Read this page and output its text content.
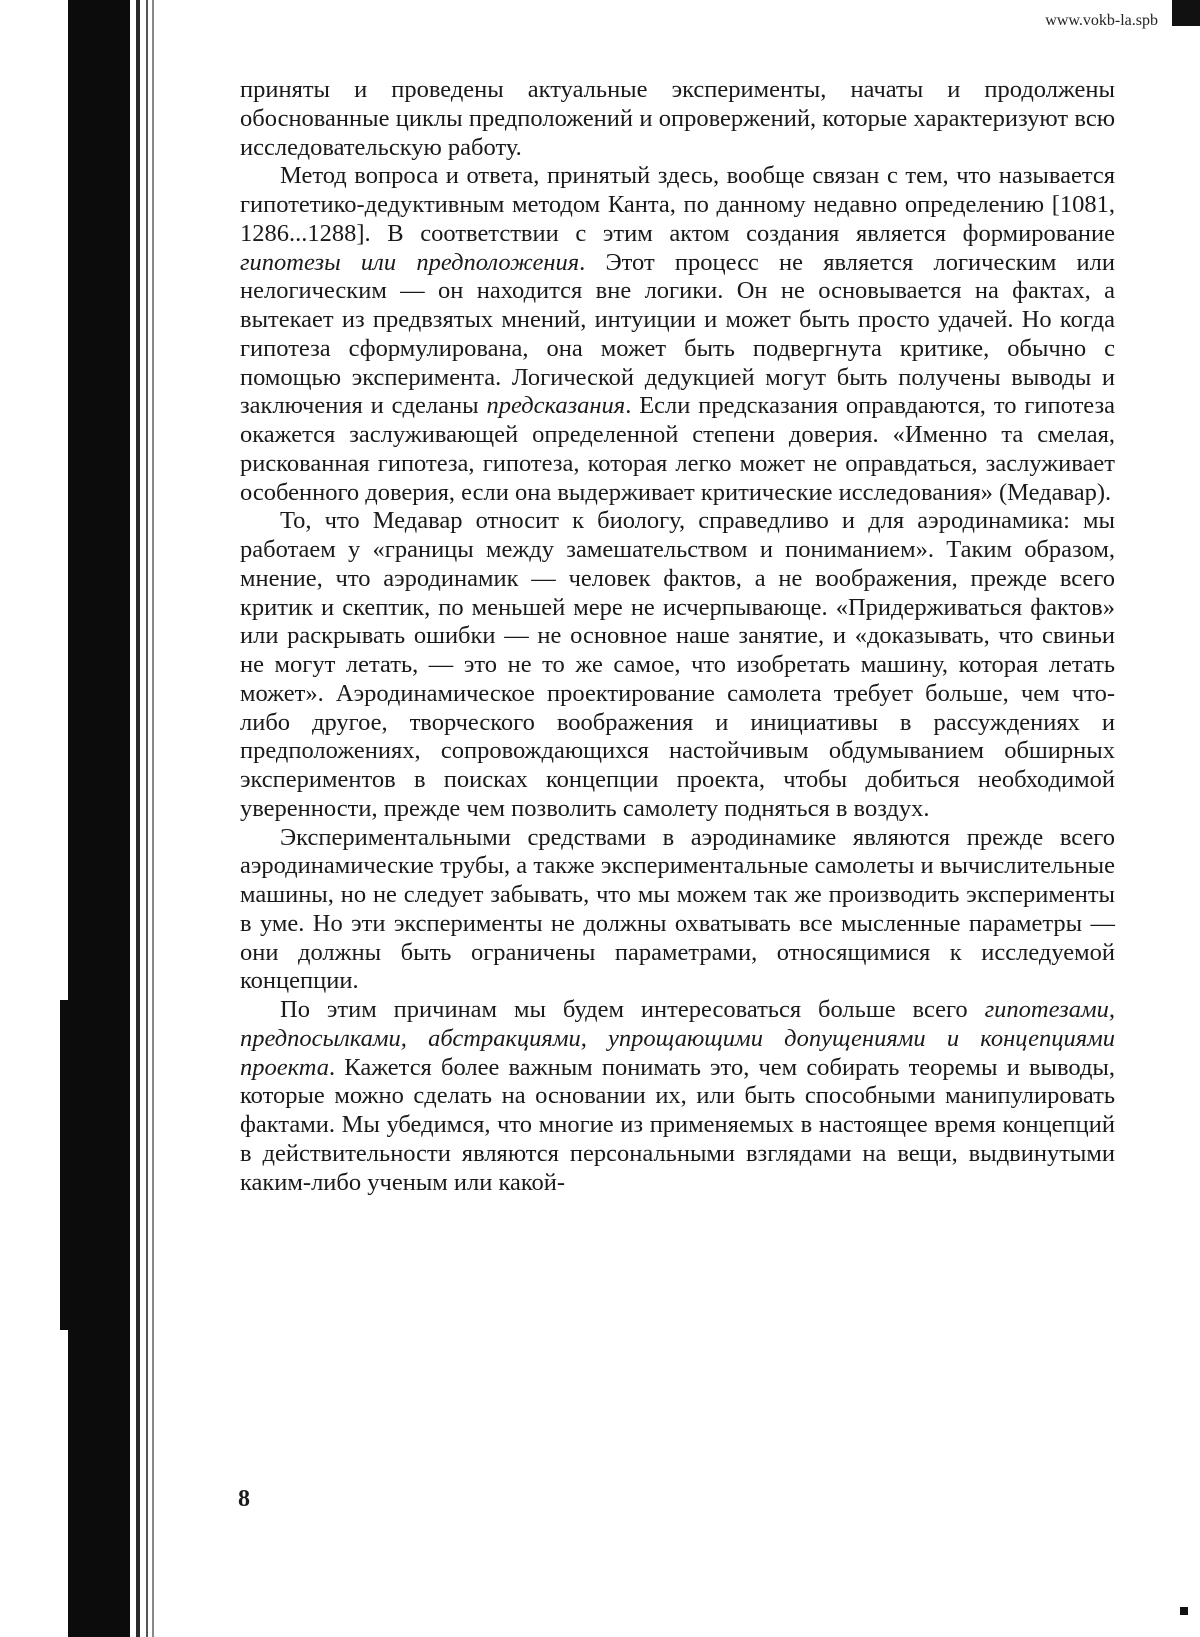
www.vokb-la.spb

приняты и проведены актуальные эксперименты, начаты и продолжены обоснованные циклы предположений и опровержений, которые характеризуют всю исследовательскую работу.

Метод вопроса и ответа, принятый здесь, вообще связан с тем, что называется гипотетико-дедуктивным методом Канта, по данному недавно определению [1081, 1286...1288]. В соответствии с этим актом создания является формирование гипотезы или предположения. Этот процесс не является логическим или нелогическим — он находится вне логики. Он не основывается на фактах, а вытекает из предвзятых мнений, интуиции и может быть просто удачей. Но когда гипотеза сформулирована, она может быть подвергнута критике, обычно с помощью эксперимента. Логической дедукцией могут быть получены выводы и заключения и сделаны предсказания. Если предсказания оправдаются, то гипотеза окажется заслуживающей определенной степени доверия. «Именно та смелая, рискованная гипотеза, гипотеза, которая легко может не оправдаться, заслуживает особенного доверия, если она выдерживает критические исследования» (Медавар).

То, что Медавар относит к биологу, справедливо и для аэродинамика: мы работаем у «границы между замешательством и пониманием». Таким образом, мнение, что аэродинамик — человек фактов, а не воображения, прежде всего критик и скептик, по меньшей мере не исчерпывающе. «Придерживаться фактов» или раскрывать ошибки — не основное наше занятие, и «доказывать, что свиньи не могут летать, — это не то же самое, что изобретать машину, которая летать может». Аэродинамическое проектирование самолета требует больше, чем что-либо другое, творческого воображения и инициативы в рассуждениях и предположениях, сопровождающихся настойчивым обдумыванием обширных экспериментов в поисках концепции проекта, чтобы добиться необходимой уверенности, прежде чем позволить самолету подняться в воздух.

Экспериментальными средствами в аэродинамике являются прежде всего аэродинамические трубы, а также экспериментальные самолеты и вычислительные машины, но не следует забывать, что мы можем так же производить эксперименты в уме. Но эти эксперименты не должны охватывать все мысленные параметры — они должны быть ограничены параметрами, относящимися к исследуемой концепции.

По этим причинам мы будем интересоваться больше всего гипотезами, предпосылками, абстракциями, упрощающими допущениями и концепциями проекта. Кажется более важным понимать это, чем собирать теоремы и выводы, которые можно сделать на основании их, или быть способными манипулировать фактами. Мы убедимся, что многие из применяемых в настоящее время концепций в действительности являются персональными взглядами на вещи, выдвинутыми каким-либо ученым или какой-

8
